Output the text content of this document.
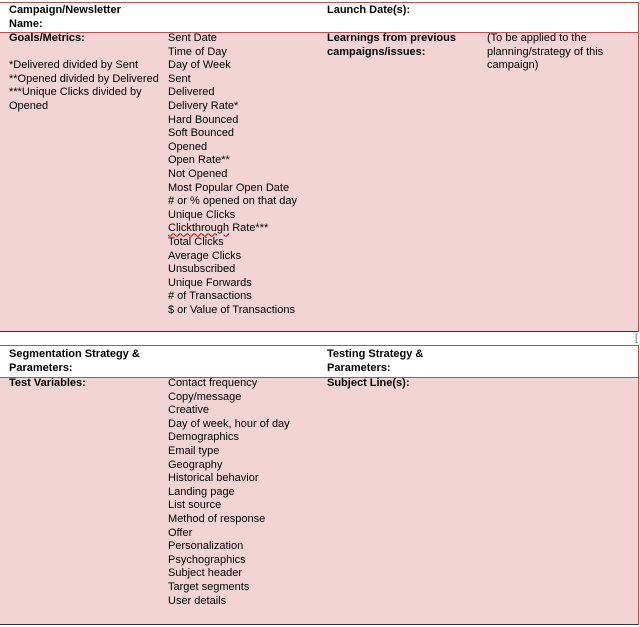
Campaign/Newsletter Name:
Launch Date(s):
Goals/Metrics:
*Delivered divided by Sent
**Opened divided by Delivered
***Unique Clicks divided by Opened
Sent Date
Time of Day
Day of Week
Sent
Delivered
Delivery Rate*
Hard Bounced
Soft Bounced
Opened
Open Rate**
Not Opened
Most Popular Open Date
# or % opened on that day
Unique Clicks
Clickthrough Rate***
Total Clicks
Average Clicks
Unsubscribed
Unique Forwards
# of Transactions
$ or Value of Transactions
Learnings from previous campaigns/issues:
(To be applied to the planning/strategy of this campaign)
[
Segmentation Strategy & Parameters:
Testing Strategy & Parameters:
Test Variables:	Contact frequency
Copy/message
Creative
Day of week, hour of day
Demographics
Email type
Geography
Historical behavior
Landing page
List source
Method of response
Offer
Personalization
Psychographics
Subject header
Target segments
User details
Subject Line(s):
